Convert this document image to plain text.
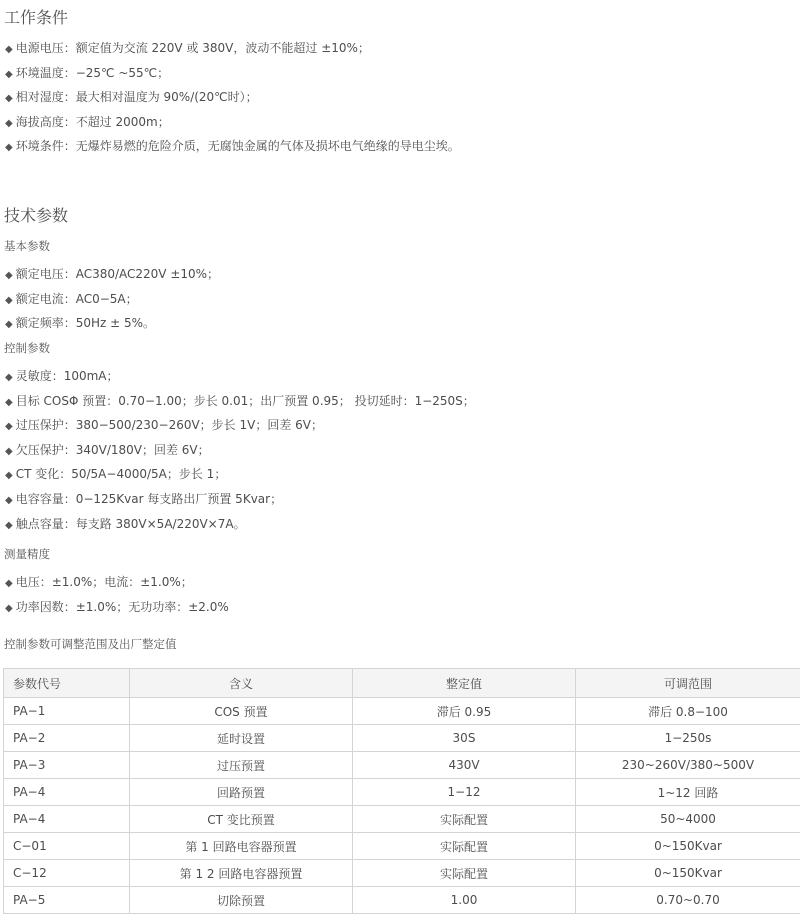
工作条件
◆ 电源电压：额定值为交流 220V 或 380V，波动不能超过 ±10%；
◆ 环境温度：−25℃ ~55℃；
◆ 相对湿度：最大相对温度为 90%/(20℃时）；
◆ 海拔高度：不超过 2000m；
◆ 环境条件：无爆炸易燃的危险介质，无腐蚀金属的气体及损坏电气绝缘的导电尘埃。
技术参数
基本参数
◆ 额定电压：AC380/AC220V ±10%；
◆ 额定电流：AC0−5A；
◆ 额定频率：50Hz ± 5%。
控制参数
◆ 灵敏度：100mA；
◆ 目标 COSΦ 预置：0.70−1.00；步长 0.01；出厂预置 0.95； 投切延时：1−250S；
◆ 过压保护：380−500/230−260V；步长 1V；回差 6V；
◆ 欠压保护：340V/180V；回差 6V；
◆ CT 变化：50/5A−4000/5A；步长 1；
◆ 电容容量：0−125Kvar 每支路出厂预置 5Kvar；
◆ 触点容量：每支路 380V×5A/220V×7A。
测量精度
◆ 电压：±1.0%；电流：±1.0%；
◆ 功率因数：±1.0%；无功功率：±2.0%
控制参数可调整范围及出厂整定值
参数代号	含义	整定值	可调范围
PA−1	COS 预置	滞后 0.95	滞后 0.8−100
PA−2	延时设置	30S	1−250s
PA−3	过压预置	430V	230~260V/380~500V
PA−4	回路预置	1−12	1~12 回路
PA−4	CT 变比预置	实际配置	50~4000
C−01	第 1 回路电容器预置	实际配置	0~150Kvar
C−12	第 1 2 回路电容器预置	实际配置	0~150Kvar
PA−5	切除预置	1.00	0.70~0.70
